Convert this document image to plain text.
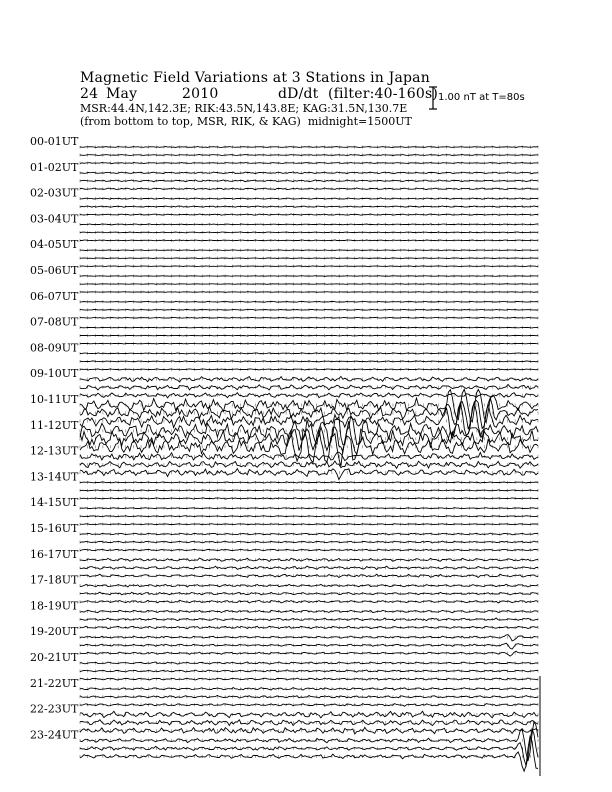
Magnetic Field Variations at 3 Stations in Japan
24 May	2010	dD/dt (filter:40-160s)
MSR:44.4N,142.3E; RIK:43.5N,143.8E; KAG:31.5N,130.7E
(from bottom to top, MSR, RIK, & KAG) midnight=1500UT
1.00 nT at T=80s
00-01UT
01-02UT
02-03UT
03-04UT
04-05UT
05-06UT
06-07UT
07-08UT
08-09UT
09-10UT
10-11UT
11-12UT
12-13UT
13-14UT
14-15UT
15-16UT
16-17UT
17-18UT
18-19UT
19-20UT
20-21UT
21-22UT
22-23UT
23-24UT
